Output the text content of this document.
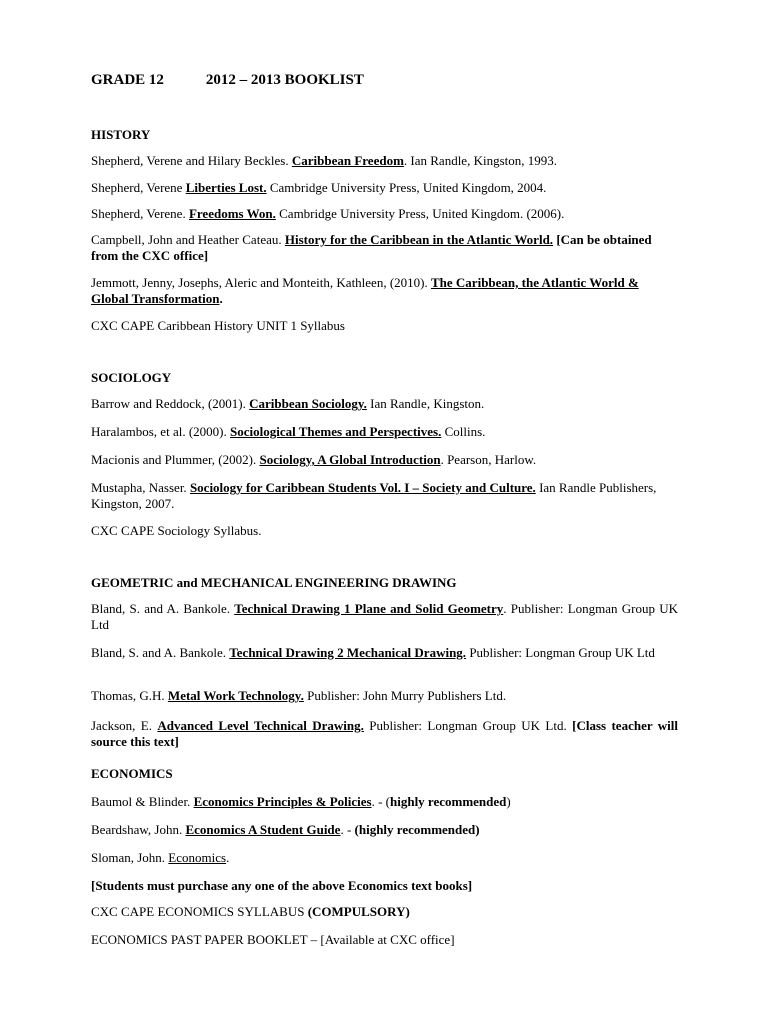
GRADE 12	2012 – 2013 BOOKLIST

HISTORY

Shepherd, Verene and Hilary Beckles. Caribbean Freedom. Ian Randle, Kingston, 1993.

Shepherd, Verene Liberties Lost. Cambridge University Press, United Kingdom, 2004.

Shepherd, Verene. Freedoms Won. Cambridge University Press, United Kingdom. (2006).

Campbell, John and Heather Cateau. History for the Caribbean in the Atlantic World. [Can be obtained from the CXC office]

Jemmott, Jenny, Josephs, Aleric and Monteith, Kathleen, (2010). The Caribbean, the Atlantic World & Global Transformation.

CXC CAPE Caribbean History UNIT 1 Syllabus

SOCIOLOGY

Barrow and Reddock, (2001). Caribbean Sociology. Ian Randle, Kingston.

Haralambos, et al. (2000). Sociological Themes and Perspectives. Collins.

Macionis and Plummer, (2002). Sociology, A Global Introduction. Pearson, Harlow.

Mustapha, Nasser. Sociology for Caribbean Students Vol. I – Society and Culture. Ian Randle Publishers, Kingston, 2007.

CXC CAPE Sociology Syllabus.

GEOMETRIC and MECHANICAL ENGINEERING DRAWING

Bland, S. and A. Bankole. Technical Drawing 1 Plane and Solid Geometry. Publisher: Longman Group UK Ltd

Bland, S. and A. Bankole. Technical Drawing 2 Mechanical Drawing. Publisher: Longman Group UK Ltd

Thomas, G.H. Metal Work Technology. Publisher: John Murry Publishers Ltd.

Jackson, E. Advanced Level Technical Drawing. Publisher: Longman Group UK Ltd. [Class teacher will source this text]

ECONOMICS

Baumol & Blinder. Economics Principles & Policies. - (highly recommended)

Beardshaw, John. Economics A Student Guide. - (highly recommended)

Sloman, John. Economics.

[Students must purchase any one of the above Economics text books]

CXC CAPE ECONOMICS SYLLABUS (COMPULSORY)

ECONOMICS PAST PAPER BOOKLET – [Available at CXC office]
